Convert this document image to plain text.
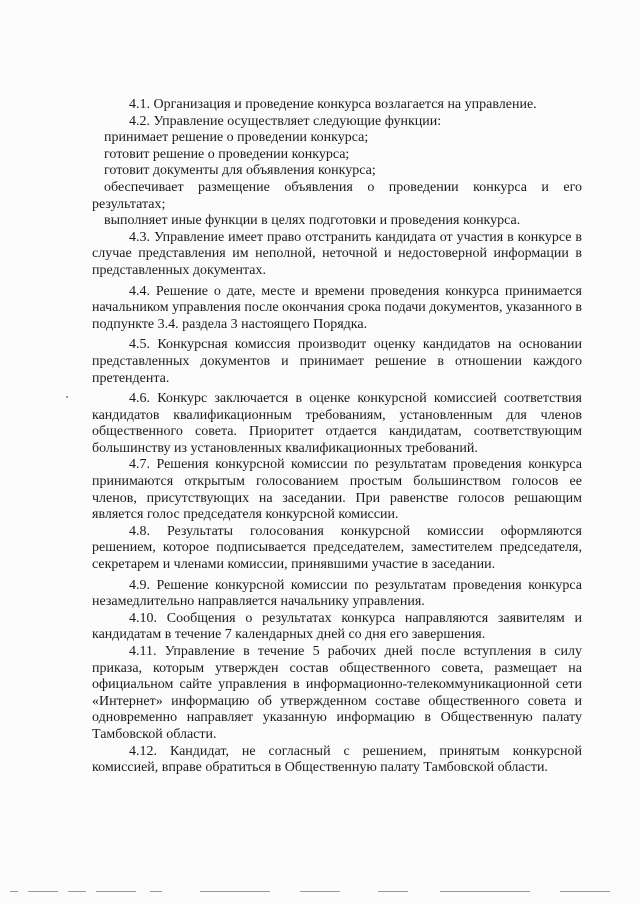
4.1. Организация и проведение конкурса возлагается на управление.

4.2. Управление осуществляет следующие функции:

принимает решение о проведении конкурса;

готовит решение о проведении конкурса;

готовит документы для объявления конкурса;

обеспечивает размещение объявления о проведении конкурса и его результатах;

выполняет иные функции в целях подготовки и проведения конкурса.

4.3. Управление имеет право отстранить кандидата от участия в конкурсе в случае представления им неполной, неточной и недостоверной информации в представленных документах.

4.4. Решение о дате, месте и времени проведения конкурса принимается начальником управления после окончания срока подачи документов, указанного в подпункте 3.4. раздела 3 настоящего Порядка.

4.5. Конкурсная комиссия производит оценку кандидатов на основании представленных документов и принимает решение в отношении каждого претендента.

4.6. Конкурс заключается в оценке конкурсной комиссией соответствия кандидатов квалификационным требованиям, установленным для членов общественного совета. Приоритет отдается кандидатам, соответствующим большинству из установленных квалификационных требований.

4.7. Решения конкурсной комиссии по результатам проведения конкурса принимаются открытым голосованием простым большинством голосов ее членов, присутствующих на заседании. При равенстве голосов решающим является голос председателя конкурсной комиссии.

4.8. Результаты голосования конкурсной комиссии оформляются решением, которое подписывается председателем, заместителем председателя, секретарем и членами комиссии, принявшими участие в заседании.

4.9. Решение конкурсной комиссии по результатам проведения конкурса незамедлительно направляется начальнику управления.

4.10. Сообщения о результатах конкурса направляются заявителям и кандидатам в течение 7 календарных дней со дня его завершения.

4.11. Управление в течение 5 рабочих дней после вступления в силу приказа, которым утвержден состав общественного совета, размещает на официальном сайте управления в информационно-телекоммуникационной сети «Интернет» информацию об утвержденном составе общественного совета и одновременно направляет указанную информацию в Общественную палату Тамбовской области.

4.12. Кандидат, не согласный с решением, принятым конкурсной комиссией, вправе обратиться в Общественную палату Тамбовской области.
